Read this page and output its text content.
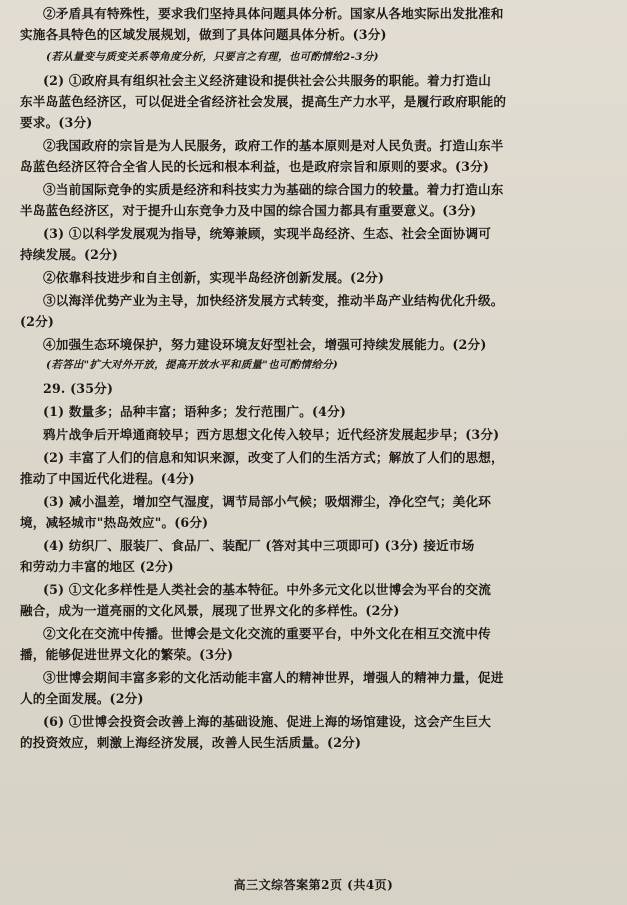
②矛盾具有特殊性，要求我们坚持具体问题具体分析。国家从各地实际出发批准和
实施各具特色的区域发展规划，做到了具体问题具体分析。(3分)
(若从量变与质变关系等角度分析，只要言之有理，也可酌情给2-3分)
(2) ①政府具有组织社会主义经济建设和提供社会公共服务的职能。着力打造山
东半岛蓝色经济区，可以促进全省经济社会发展，提高生产力水平，是履行政府职能的
要求。(3分)
②我国政府的宗旨是为人民服务，政府工作的基本原则是对人民负责。打造山东半
岛蓝色经济区符合全省人民的长远和根本利益，也是政府宗旨和原则的要求。(3分)
③当前国际竞争的实质是经济和科技实力为基础的综合国力的较量。着力打造山东
半岛蓝色经济区，对于提升山东竞争力及中国的综合国力都具有重要意义。(3分)
(3) ①以科学发展观为指导，统筹兼顾，实现半岛经济、生态、社会全面协调可
持续发展。(2分)
②依靠科技进步和自主创新，实现半岛经济创新发展。(2分)
③以海洋优势产业为主导，加快经济发展方式转变，推动半岛产业结构优化升级。
(2分)
④加强生态环境保护，努力建设环境友好型社会，增强可持续发展能力。(2分)
(若答出"扩大对外开放，提高开放水平和质量"也可酌情给分)
29. (35分)
(1) 数量多；品种丰富；语种多；发行范围广。(4分)
鸦片战争后开埠通商较早；西方思想文化传入较早；近代经济发展起步早；(3分)
(2) 丰富了人们的信息和知识来源，改变了人们的生活方式；解放了人们的思想，
推动了中国近代化进程。(4分)
(3) 减小温差，增加空气湿度，调节局部小气候；吸烟滞尘，净化空气；美化环
境，减轻城市"热岛效应"。(6分)
(4) 纺织厂、服装厂、食品厂、装配厂 (答对其中三项即可) (3分) 接近市场
和劳动力丰富的地区 (2分)
(5) ①文化多样性是人类社会的基本特征。中外多元文化以世博会为平台的交流
融合，成为一道亮丽的文化风景，展现了世界文化的多样性。(2分)
②文化在交流中传播。世博会是文化交流的重要平台，中外文化在相互交流中传
播，能够促进世界文化的繁荣。(3分)
③世博会期间丰富多彩的文化活动能丰富人的精神世界，增强人的精神力量，促进
人的全面发展。(2分)
(6) ①世博会投资会改善上海的基础设施、促进上海的场馆建设，这会产生巨大
的投资效应，刺激上海经济发展，改善人民生活质量。(2分)
高三文综答案第2页 (共4页)
